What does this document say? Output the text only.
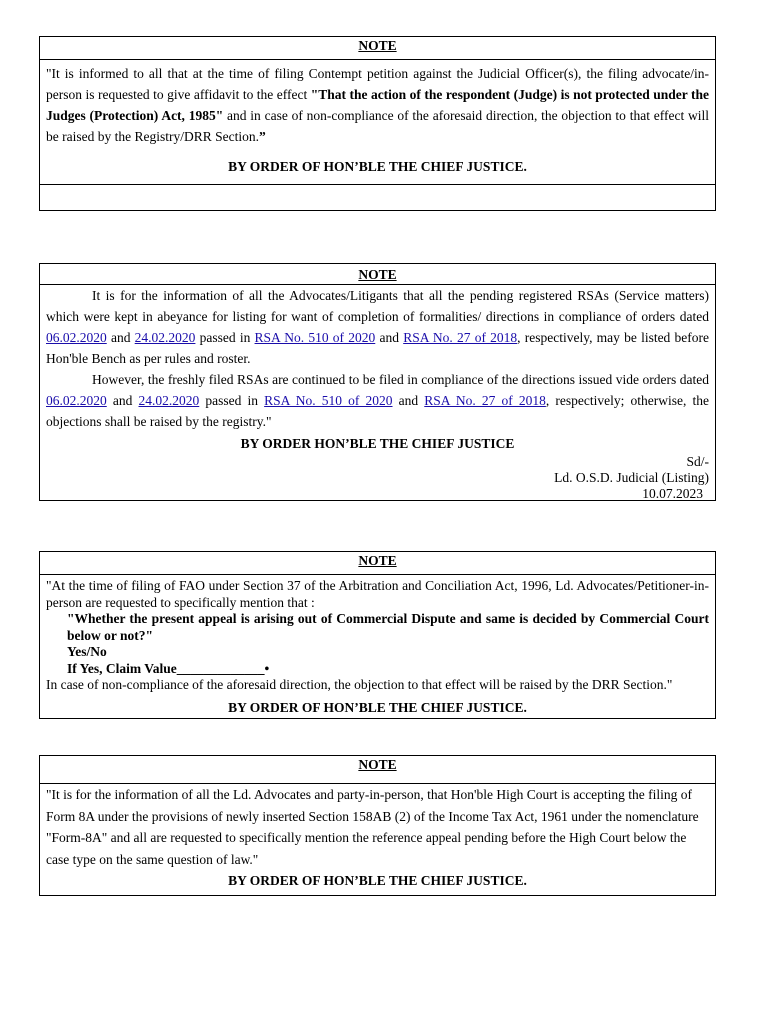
NOTE

"It is informed to all that at the time of filing Contempt petition against the Judicial Officer(s), the filing advocate/in-person is requested to give affidavit to the effect "That the action of the respondent (Judge) is not protected under the Judges (Protection) Act, 1985" and in case of non-compliance of the aforesaid direction, the objection to that effect will be raised by the Registry/DRR Section.”

BY ORDER OF HON’BLE THE CHIEF JUSTICE.
NOTE

It is for the information of all the Advocates/Litigants that all the pending registered RSAs (Service matters) which were kept in abeyance for listing for want of completion of formalities/ directions in compliance of orders dated 06.02.2020 and 24.02.2020 passed in RSA No. 510 of 2020 and RSA No. 27 of 2018, respectively, may be listed before Hon'ble Bench as per rules and roster.

However, the freshly filed RSAs are continued to be filed in compliance of the directions issued vide orders dated 06.02.2020 and 24.02.2020 passed in RSA No. 510 of 2020 and RSA No. 27 of 2018, respectively; otherwise, the objections shall be raised by the registry."

BY ORDER HON’BLE THE CHIEF JUSTICE
Sd/-
Ld. O.S.D. Judicial (Listing)
10.07.2023
NOTE

"At the time of filing of FAO under Section 37 of the Arbitration and Conciliation Act, 1996, Ld. Advocates/Petitioner-in-person are requested to specifically mention that :

"Whether the present appeal is arising out of Commercial Dispute and same is decided by Commercial Court below or not?"
Yes/No
If Yes, Claim Value_____________•

In case of non-compliance of the aforesaid direction, the objection to that effect will be raised by the DRR Section."

BY ORDER OF HON’BLE THE CHIEF JUSTICE.
NOTE

"It is for the information of all the Ld. Advocates and party-in-person, that Hon'ble High Court is accepting the filing of Form 8A under the provisions of newly inserted Section 158AB (2) of the Income Tax Act, 1961 under the nomenclature "Form-8A" and all are requested to specifically mention the reference appeal pending before the High Court below the case type on the same question of law."

BY ORDER OF HON’BLE THE CHIEF JUSTICE.
